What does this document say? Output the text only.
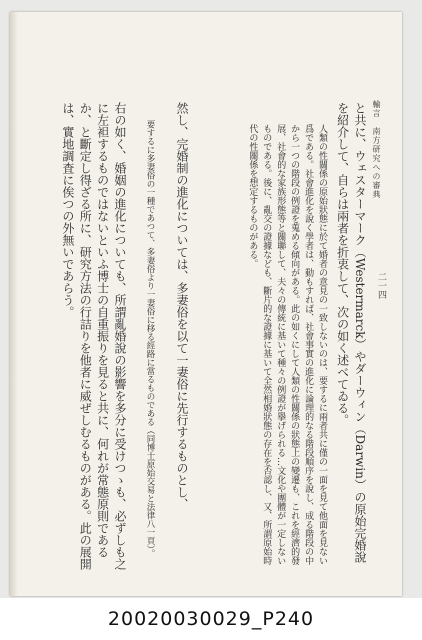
輸言　南方研究への審典
二一四

と共に、ウェスターマーク（Westermarck）やダーウィン（Darwin）の原始完婚說を紹介して、自らは兩者を折衷して、次の如く述べてゐる。

人類の性關係の原始狀態に於て婚者の意見の一致しないのは、要するに兩者共に僅の一面を見て他面を見ない爲である。社會進化を說く學者は、動もすれば、社會事實の進化に論理的なる階段順序を說し、成る階段の中から一つの階段の例證を蒐める傾向がある。此の如くにして人類の性關係の狀態上の變遷も、これを經濟的發展、社會的な家族形態等と關聯して、夫々の傳統に基いて種々の例證が擧げられる…文化や團體が一定しないものである。後に、亂交の證據なども、斷片的な證據に基いて全然相婚狀態の存在を否認し、又、所謂原始時代の性關係を想定するものがある。

然し、完婚制の進化については、多妻俗を以て一妻俗に先行するものとし、

要するに多妻俗の一種であつて、多妻俗より一妻俗に移る經路に當るものである（同博士原始交易と法律八一頁）。

右の如く、婚姻の進化についても、所謂亂婚說の影響を多分に受けつゝも、必ずしも之に左袒するものではないといふ博士の自重振りを見ると共に、何れが常態原則であるか、と斷定し得ざる所に、研究方法の行詰りを他者に威ぜしむるものがある。此の展開は、實地調査に俟つの外無いであらう。

20020030029_P240
